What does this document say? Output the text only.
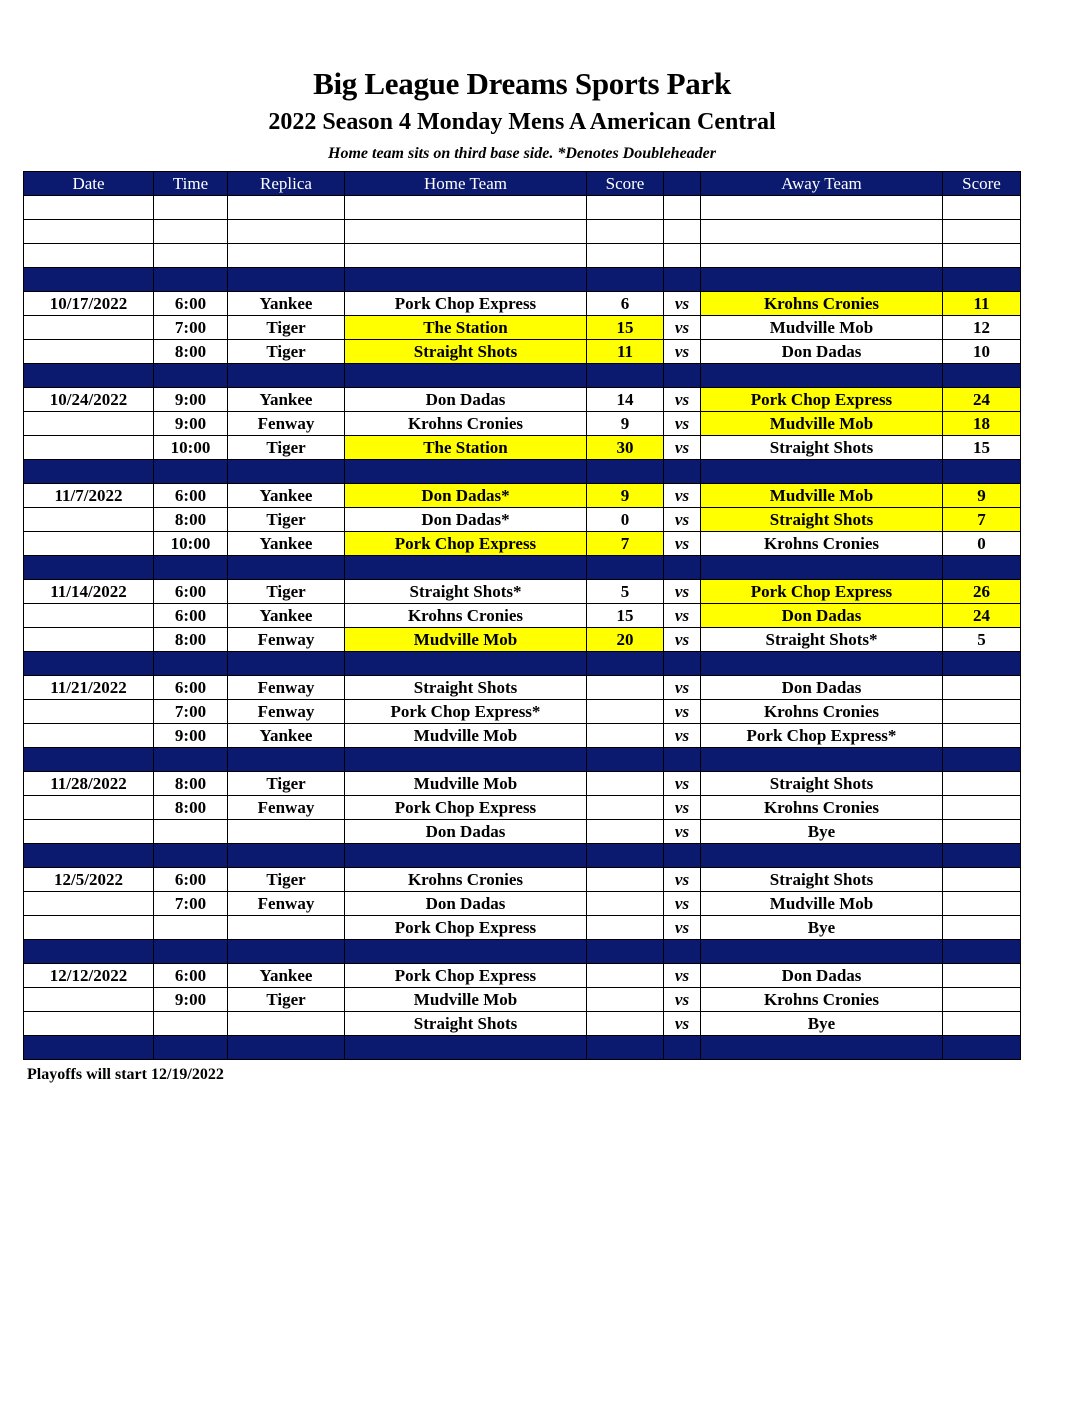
Big League Dreams Sports Park
2022 Season 4 Monday Mens A American Central
Home team sits on third base side. *Denotes Doubleheader
Date	Time	Replica	Home Team	Score		Away Team	Score

10/17/2022	6:00	Yankee	Pork Chop Express	6	vs	Krohns Cronies	11
	7:00	Tiger	The Station	15	vs	Mudville Mob	12
	8:00	Tiger	Straight Shots	11	vs	Don Dadas	10

10/24/2022	9:00	Yankee	Don Dadas	14	vs	Pork Chop Express	24
	9:00	Fenway	Krohns Cronies	9	vs	Mudville Mob	18
	10:00	Tiger	The Station	30	vs	Straight Shots	15

11/7/2022	6:00	Yankee	Don Dadas*	9	vs	Mudville Mob	9
	8:00	Tiger	Don Dadas*	0	vs	Straight Shots	7
	10:00	Yankee	Pork Chop Express	7	vs	Krohns Cronies	0

11/14/2022	6:00	Tiger	Straight Shots*	5	vs	Pork Chop Express	26
	6:00	Yankee	Krohns Cronies	15	vs	Don Dadas	24
	8:00	Fenway	Mudville Mob	20	vs	Straight Shots*	5

11/21/2022	6:00	Fenway	Straight Shots		vs	Don Dadas	
	7:00	Fenway	Pork Chop Express*		vs	Krohns Cronies	
	9:00	Yankee	Mudville Mob		vs	Pork Chop Express*	

11/28/2022	8:00	Tiger	Mudville Mob		vs	Straight Shots	
	8:00	Fenway	Pork Chop Express		vs	Krohns Cronies	
			Don Dadas		vs	Bye	

12/5/2022	6:00	Tiger	Krohns Cronies		vs	Straight Shots	
	7:00	Fenway	Don Dadas		vs	Mudville Mob	
			Pork Chop Express		vs	Bye	

12/12/2022	6:00	Yankee	Pork Chop Express		vs	Don Dadas	
	9:00	Tiger	Mudville Mob		vs	Krohns Cronies	
			Straight Shots		vs	Bye	

Playoffs will start 12/19/2022
